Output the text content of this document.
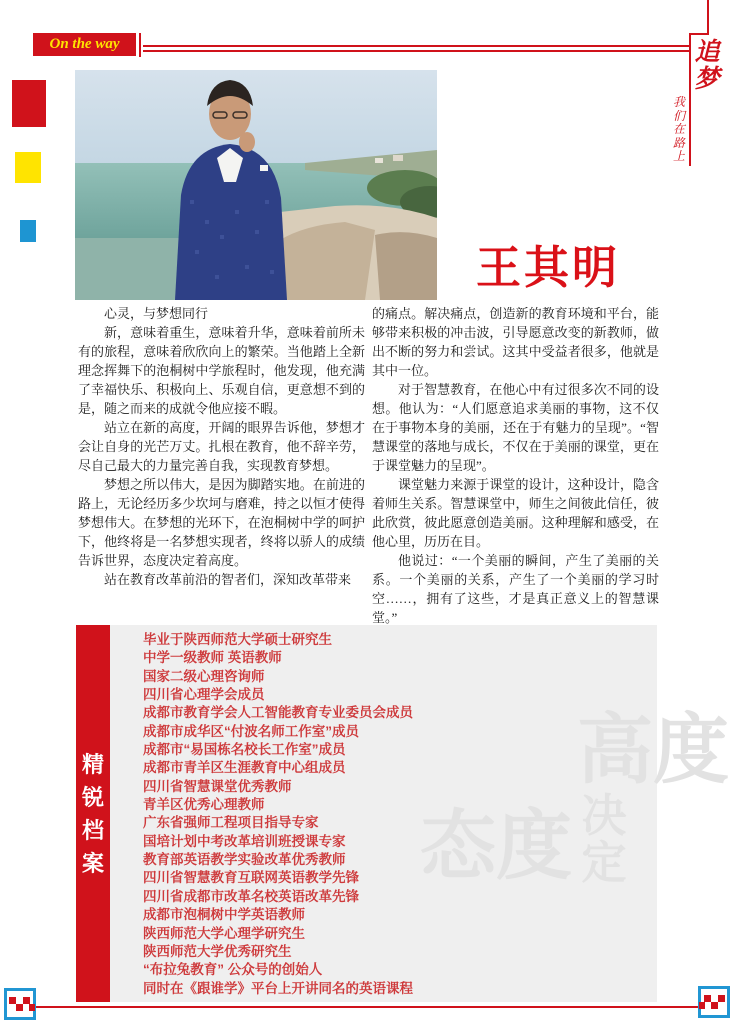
On the way	追梦
我们在路上
王其明

心灵，与梦想同行

新，意味着重生，意味着升华，意味着前所未有的旅程，意味着欣欣向上的繁荣。当他踏上全新理念挥舞下的泡桐树中学旅程时，他发现，他充满了幸福快乐、积极向上、乐观自信，更意想不到的是，随之而来的成就令他应接不暇。

站立在新的高度，开阔的眼界告诉他，梦想才会让自身的光芒万丈。扎根在教育，他不辞辛劳，尽自己最大的力量完善自我，实现教育梦想。

梦想之所以伟大，是因为脚踏实地。在前进的路上，无论经历多少坎坷与磨难，持之以恒才使得梦想伟大。在梦想的光环下，在泡桐树中学的呵护下，他终将是一名梦想实现者，终将以骄人的成绩告诉世界，态度决定着高度。

站在教育改革前沿的智者们，深知改革带来

的痛点。解决痛点，创造新的教育环境和平台，能够带来积极的冲击波，引导愿意改变的新教师，做出不断的努力和尝试。这其中受益者很多，他就是其中一位。

对于智慧教育，在他心中有过很多次不同的设想。他认为：“人们愿意追求美丽的事物，这不仅在于事物本身的美丽，还在于有魅力的呈现”。“智慧课堂的落地与成长，不仅在于美丽的课堂，更在于课堂魅力的呈现”。

课堂魅力来源于课堂的设计，这种设计，隐含着师生关系。智慧课堂中，师生之间彼此信任，彼此欣赏，彼此愿意创造美丽。这种理解和感受，在他心里，历历在目。

他说过：“一个美丽的瞬间，产生了美丽的关系。一个美丽的关系，产生了一个美丽的学习时空……，拥有了这些，才是真正意义上的智慧课堂。”

精锐档案	态度 决定
高度
毕业于陕西师范大学硕士研究生
中学一级教师 英语教师
国家二级心理咨询师
四川省心理学会成员
成都市教育学会人工智能教育专业委员会成员
成都市成华区“付波名师工作室”成员
成都市“易国栋名校长工作室”成员
成都市青羊区生涯教育中心组成员
四川省智慧课堂优秀教师
青羊区优秀心理教师
广东省强师工程项目指导专家
国培计划中考改革培训班授课专家
教育部英语教学实验改革优秀教师
四川省智慧教育互联网英语教学先锋
四川省成都市改革名校英语改革先锋
成都市泡桐树中学英语教师
陕西师范大学心理学研究生
陕西师范大学优秀研究生
“布拉兔教育” 公众号的创始人
同时在《跟谁学》平台上开讲同名的英语课程
